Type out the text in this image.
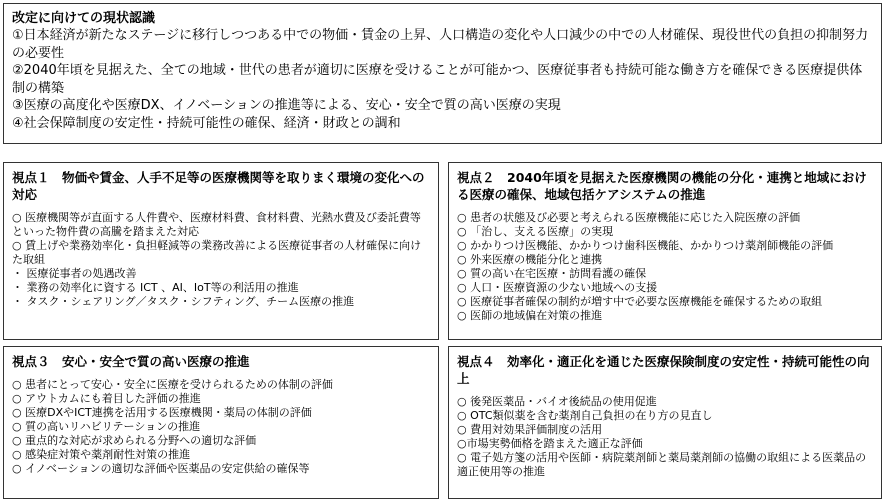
改定に向けての現状認識
①日本経済が新たなステージに移行しつつある中での物価・賃金の上昇、人口構造の変化や人口減少の中での人材確保、現役世代の負担の抑制努力の必要性
②2040年頃を見据えた、全ての地域・世代の患者が適切に医療を受けることが可能かつ、医療従事者も持続可能な働き方を確保できる医療提供体制の構築
③医療の高度化や医療DX、イノベーションの推進等による、安心・安全で質の高い医療の実現
④社会保障制度の安定性・持続可能性の確保、経済・財政との調和
視点１　物価や賃金、人手不足等の医療機関等を取りまく環境の変化への対応
○ 医療機関等が直面する人件費や、医療材料費、食材料費、光熱水費及び委託費等といった物件費の高騰を踏まえた対応
○ 賃上げや業務効率化・負担軽減等の業務改善による医療従事者の人材確保に向けた取組
・ 医療従事者の処遇改善
・ 業務の効率化に資する ICT 、AI、IoT等の利活用の推進
・ タスク・シェアリング／タスク・シフティング、チーム医療の推進
視点２　2040年頃を見据えた医療機関の機能の分化・連携と地域における医療の確保、地域包括ケアシステムの推進
○ 患者の状態及び必要と考えられる医療機能に応じた入院医療の評価
○ 「治し、支える医療」の実現
○ かかりつけ医機能、かかりつけ歯科医機能、かかりつけ薬剤師機能の評価
○ 外来医療の機能分化と連携
○ 質の高い在宅医療・訪問看護の確保
○ 人口・医療資源の少ない地域への支援
○ 医療従事者確保の制約が増す中で必要な医療機能を確保するための取組
○ 医師の地域偏在対策の推進
視点３　安心・安全で質の高い医療の推進
○ 患者にとって安心・安全に医療を受けられるための体制の評価
○ アウトカムにも着目した評価の推進
○ 医療DXやICT連携を活用する医療機関・薬局の体制の評価
○ 質の高いリハビリテーションの推進
○ 重点的な対応が求められる分野への適切な評価
○ 感染症対策や薬剤耐性対策の推進
○ イノベーションの適切な評価や医薬品の安定供給の確保等
視点４　効率化・適正化を通じた医療保険制度の安定性・持続可能性の向上
○ 後発医薬品・バイオ後続品の使用促進
○ OTC類似薬を含む薬剤自己負担の在り方の見直し
○ 費用対効果評価制度の活用
○市場実勢価格を踏まえた適正な評価
○ 電子処方箋の活用や医師・病院薬剤師と薬局薬剤師の協働の取組による医薬品の適正使用等の推進
